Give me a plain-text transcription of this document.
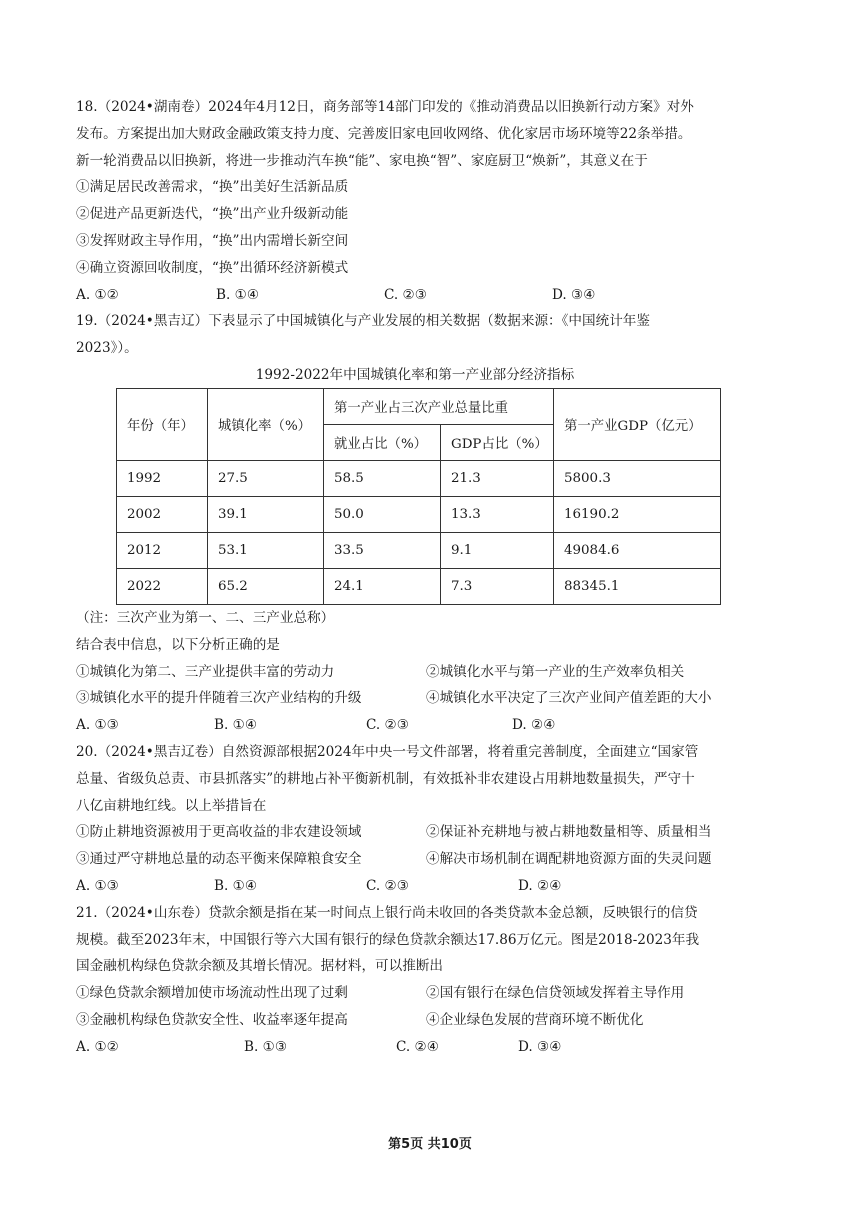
18.（2024•湖南卷）2024年4月12日，商务部等14部门印发的《推动消费品以旧换新行动方案》对外
发布。方案提出加大财政金融政策支持力度、完善废旧家电回收网络、优化家居市场环境等22条举措。
新一轮消费品以旧换新，将进一步推动汽车换“能”、家电换“智”、家庭厨卫“焕新”，其意义在于
①满足居民改善需求，“换”出美好生活新品质
②促进产品更新迭代，“换”出产业升级新动能
③发挥财政主导作用，“换”出内需增长新空间
④确立资源回收制度，“换”出循环经济新模式
A. ①②	B. ①④	C. ②③	D. ③④
19.（2024•黑吉辽）下表显示了中国城镇化与产业发展的相关数据（数据来源：《中国统计年鉴
2023》）。
1992-2022年中国城镇化率和第一产业部分经济指标
年份（年）	城镇化率（%）	第一产业占三次产业总量比重		第一产业GDP（亿元）
		就业占比（%）	GDP占比（%）	
1992	27.5	58.5	21.3	5800.3
2002	39.1	50.0	13.3	16190.2
2012	53.1	33.5	9.1	49084.6
2022	65.2	24.1	7.3	88345.1
（注：三次产业为第一、二、三产业总称）
结合表中信息，以下分析正确的是
①城镇化为第二、三产业提供丰富的劳动力	②城镇化水平与第一产业的生产效率负相关
③城镇化水平的提升伴随着三次产业结构的升级	④城镇化水平决定了三次产业间产值差距的大小
A. ①③	B. ①④	C. ②③	D. ②④
20.（2024•黑吉辽卷）自然资源部根据2024年中央一号文件部署，将着重完善制度，全面建立“国家管
总量、省级负总责、市县抓落实”的耕地占补平衡新机制，有效抵补非农建设占用耕地数量损失，严守十
八亿亩耕地红线。以上举措旨在
①防止耕地资源被用于更高收益的非农建设领域	②保证补充耕地与被占耕地数量相等、质量相当
③通过严守耕地总量的动态平衡来保障粮食安全	④解决市场机制在调配耕地资源方面的失灵问题
A. ①③	B. ①④	C. ②③	D. ②④
21.（2024•山东卷）贷款余额是指在某一时间点上银行尚未收回的各类贷款本金总额，反映银行的信贷
规模。截至2023年末，中国银行等六大国有银行的绿色贷款余额达17.86万亿元。图是2018-2023年我
国金融机构绿色贷款余额及其增长情况。据材料，可以推断出
①绿色贷款余额增加使市场流动性出现了过剩	②国有银行在绿色信贷领域发挥着主导作用
③金融机构绿色贷款安全性、收益率逐年提高	④企业绿色发展的营商环境不断优化
A. ①②	B. ①③	C. ②④	D. ③④
第5页 共10页
